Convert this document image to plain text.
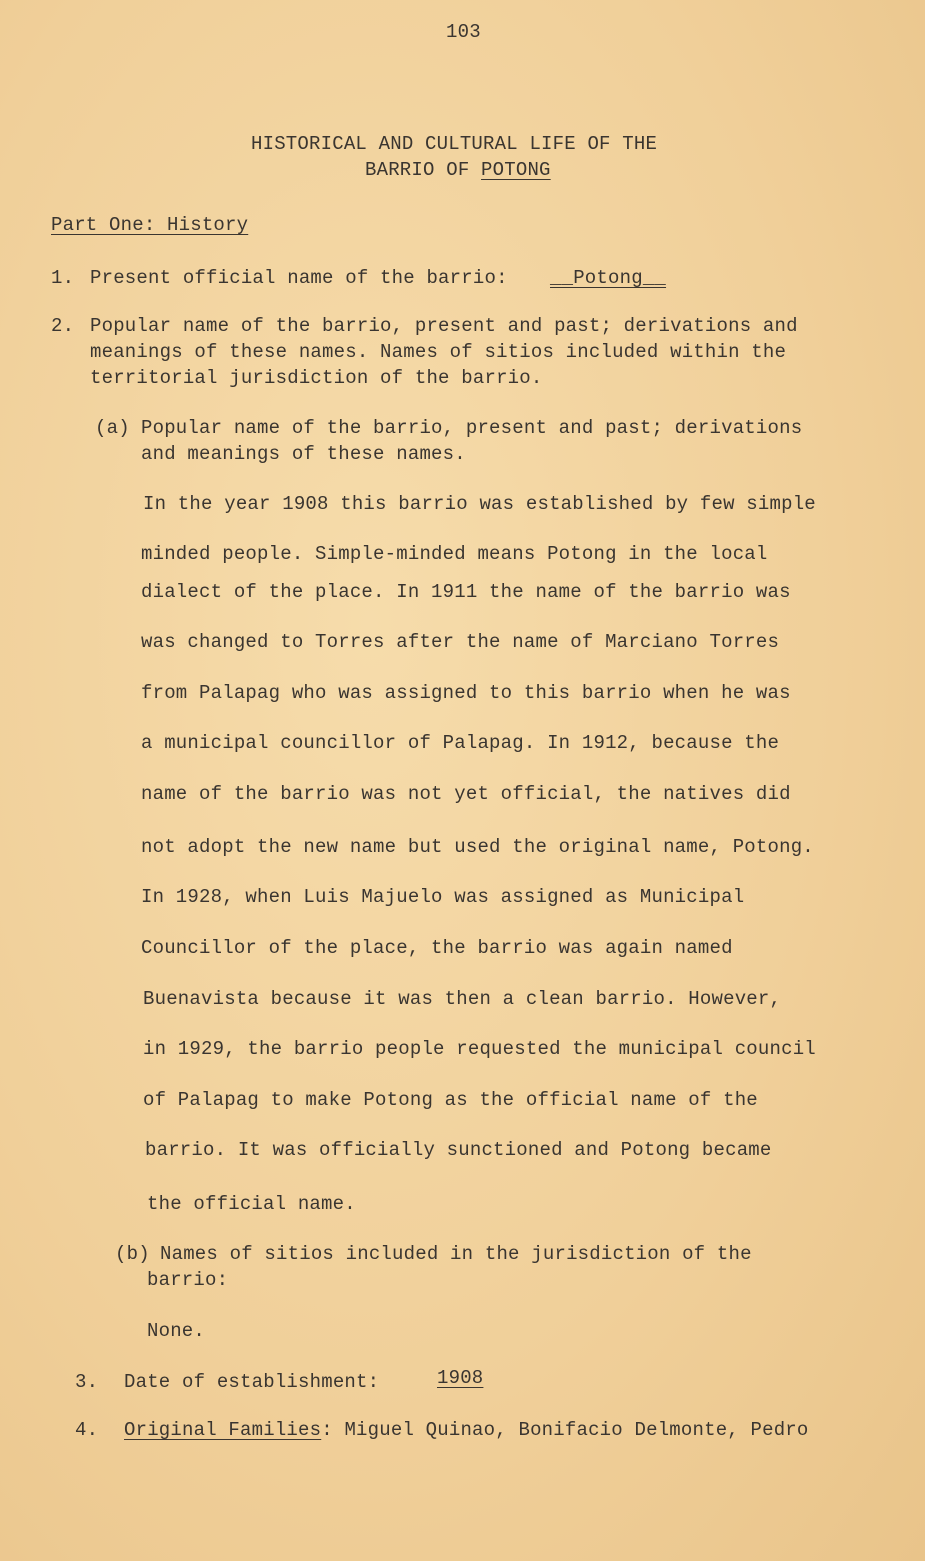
103
HISTORICAL AND CULTURAL LIFE OF THE
BARRIO OF POTONG
Part One: History
1. Present official name of the barrio: __Potong__
2. Popular name of the barrio, present and past; derivations and
meanings of these names. Names of sitios included within the
territorial jurisdiction of the barrio.
(a) Popular name of the barrio, present and past; derivations
and meanings of these names.
In the year 1908 this barrio was established by few simple
minded people. Simple-minded means Potong in the local
dialect of the place. In 1911 the name of the barrio was
was changed to Torres after the name of Marciano Torres
from Palapag who was assigned to this barrio when he was
a municipal councillor of Palapag. In 1912, because the
name of the barrio was not yet official, the natives did
not adopt the new name but used the original name, Potong.
In 1928, when Luis Majuelo was assigned as Municipal
Councillor of the place, the barrio was again named
Buenavista because it was then a clean barrio. However,
in 1929, the barrio people requested the municipal council
of Palapag to make Potong as the official name of the
barrio. It was officially sunctioned and Potong became
the official name.
(b) Names of sitios included in the jurisdiction of the
barrio:
None.
3. Date of establishment:	1908
4. Original Families: Miguel Quinao, Bonifacio Delmonte, Pedro
